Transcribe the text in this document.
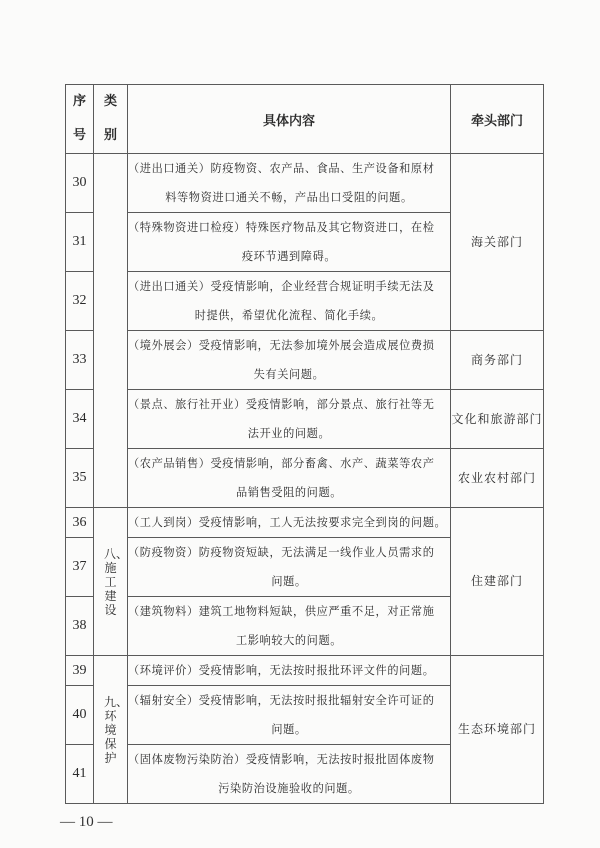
序号	类别	具体内容	牵头部门
30		（进出口通关）防疫物资、农产品、食品、生产设备和原材
料等物资进口通关不畅，产品出口受阻的问题。	海关部门
31		（特殊物资进口检疫）特殊医疗物品及其它物资进口，在检
疫环节遇到障碍。	

32		（进出口通关）受疫情影响，企业经营合规证明手续无法及
时提供，希望优化流程、简化手续。	

33		（境外展会）受疫情影响，无法参加境外展会造成展位费损
失有关问题。	商务部门
34		（景点、旅行社开业）受疫情影响，部分景点、旅行社等无
法开业的问题。	文化和旅游部门
35		（农产品销售）受疫情影响，部分畜禽、水产、蔬菜等农产
品销售受阻的问题。	农业农村部门
36	八、施工建设	（工人到岗）受疫情影响，工人无法按要求完全到岗的问题。	住建部门
37		（防疫物资）防疫物资短缺，无法满足一线作业人员需求的
问题。	

38		（建筑物料）建筑工地物料短缺，供应严重不足，对正常施
工影响较大的问题。	

39	九、环境保护	（环境评价）受疫情影响，无法按时报批环评文件的问题。	生态环境部门
40		（辐射安全）受疫情影响，无法按时报批辐射安全许可证的
问题。	

41		（固体废物污染防治）受疫情影响，无法按时报批固体废物
污染防治设施验收的问题。	
— 10 —
